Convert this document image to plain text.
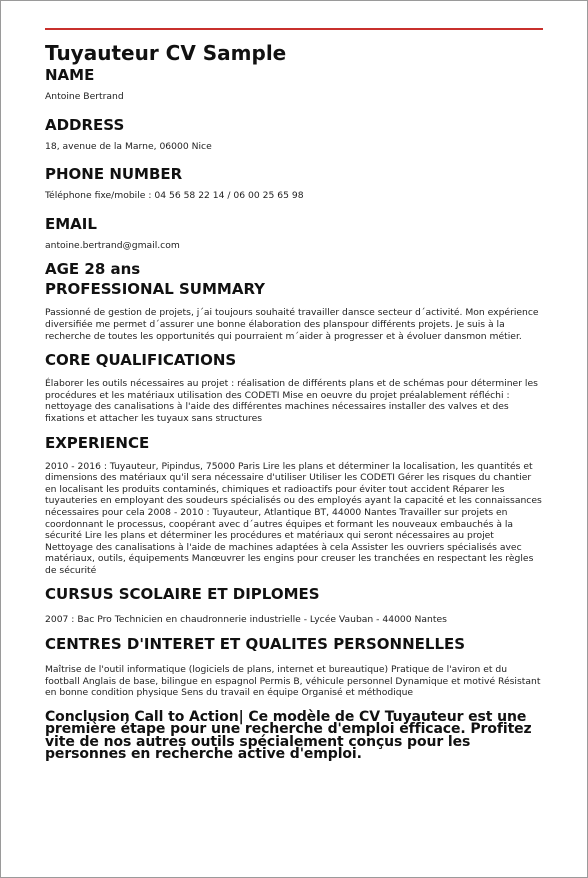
Tuyauteur CV Sample
NAME

Antoine Bertrand

ADDRESS

18, avenue de la Marne, 06000 Nice

PHONE NUMBER

Téléphone fixe/mobile : 04 56 58 22 14 / 06 00 25 65 98

EMAIL

antoine.bertrand@gmail.com

AGE 28 ans
PROFESSIONAL SUMMARY

Passionné de gestion de projets, j´ai toujours souhaité travailler dansce secteur d´activité. Mon expérience diversifiée me permet d´assurer une bonne élaboration des planspour différents projets. Je suis à la recherche de toutes les opportunités qui pourraient m´aider à progresser et à évoluer dansmon métier.

CORE QUALIFICATIONS

Élaborer les outils nécessaires au projet : réalisation de différents plans et de schémas pour déterminer les procédures et les matériaux utilisation des CODETI Mise en oeuvre du projet préalablement réfléchi : nettoyage des canalisations à l'aide des différentes machines nécessaires installer des valves et des fixations et attacher les tuyaux sans structures

EXPERIENCE

2010 - 2016 : Tuyauteur, Pipindus, 75000 Paris Lire les plans et déterminer la localisation, les quantités et dimensions des matériaux qu'il sera nécessaire d'utiliser Utiliser les CODETI Gérer les risques du chantier en localisant les produits contaminés, chimiques et radioactifs pour éviter tout accident Réparer les tuyauteries en employant des soudeurs spécialisés ou des employés ayant la capacité et les connaissances nécessaires pour cela 2008 - 2010 : Tuyauteur, Atlantique BT, 44000 Nantes Travailler sur projets en coordonnant le processus, coopérant avec d´autres équipes et formant les nouveaux embauchés à la sécurité Lire les plans et déterminer les procédures et matériaux qui seront nécessaires au projet Nettoyage des canalisations à l'aide de machines adaptées à cela Assister les ouvriers spécialisés avec matériaux, outils, équipements Manœuvrer les engins pour creuser les tranchées en respectant les règles de sécurité

CURSUS SCOLAIRE ET DIPLOMES

2007 : Bac Pro Technicien en chaudronnerie industrielle - Lycée Vauban - 44000 Nantes

CENTRES D'INTERET ET QUALITES PERSONNELLES

Maîtrise de l'outil informatique (logiciels de plans, internet et bureautique) Pratique de l'aviron et du football Anglais de base, bilingue en espagnol Permis B, véhicule personnel Dynamique et motivé Résistant en bonne condition physique Sens du travail en équipe Organisé et méthodique

Conclusion Call to Action| Ce modèle de CV Tuyauteur est une première étape pour une recherche d'emploi efficace. Profitez vite de nos autres outils spécialement conçus pour les personnes en recherche active d'emploi.
